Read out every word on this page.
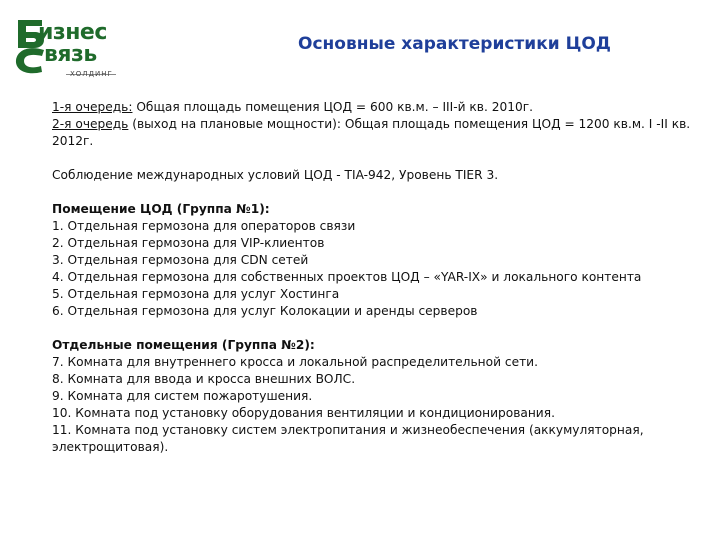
изнес
вязь
ХОЛДИНГ
Основные характеристики ЦОД

1-я очередь: Общая площадь помещения ЦОД = 600 кв.м. – III-й кв. 2010г.

2-я очередь (выход на плановые мощности): Общая площадь помещения ЦОД = 1200 кв.м. I -II кв. 2012г.

Соблюдение международных условий ЦОД - TIA-942, Уровень TIER 3.

Помещение ЦОД (Группа №1):

1. Отдельная гермозона для операторов связи

2. Отдельная гермозона для VIP-клиентов

3. Отдельная гермозона для CDN сетей

4. Отдельная гермозона для собственных проектов ЦОД – «YAR-IX» и локального контента

5. Отдельная гермозона для услуг Хостинга

6. Отдельная гермозона для услуг Колокации и аренды серверов

Отдельные помещения (Группа №2):

7. Комната для внутреннего кросса и локальной распределительной сети.

8. Комната для ввода и кросса внешних ВОЛС.

9. Комната для систем пожаротушения.

10. Комната под установку оборудования вентиляции и кондиционирования.

11. Комната под установку систем электропитания и жизнеобеспечения (аккумуляторная, электрощитовая).
